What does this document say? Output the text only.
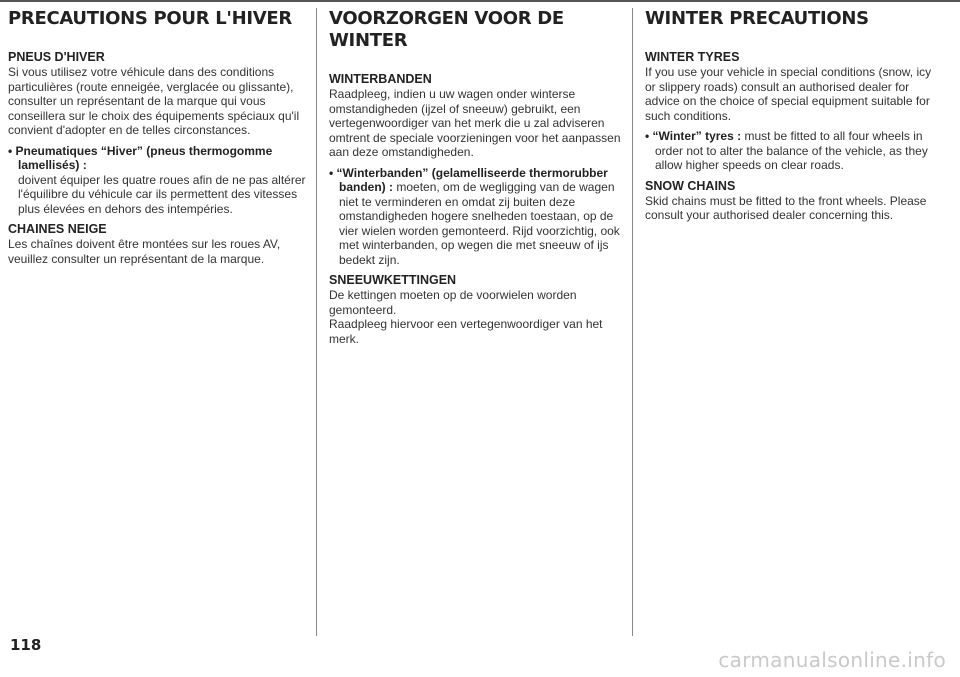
PRECAUTIONS POUR L'HIVER

PNEUS D'HIVER

Si vous utilisez votre véhicule dans des conditions particulières (route enneigée, verglacée ou glissante), consulter un représentant de la marque qui vous conseillera sur le choix des équipements spéciaux qu'il convient d'adopter en de telles circonstances.

• Pneumatiques “Hiver” (pneus thermogomme lamellisés) :
doivent équiper les quatre roues afin de ne pas altérer l'équilibre du véhicule car ils permettent des vitesses plus élevées en dehors des intempéries.

CHAINES NEIGE

Les chaînes doivent être montées sur les roues AV, veuillez consulter un représentant de la marque.

VOORZORGEN VOOR DE WINTER

WINTERBANDEN

Raadpleeg, indien u uw wagen onder winterse omstandigheden (ijzel of sneeuw) gebruikt, een vertegenwoordiger van het merk die u zal adviseren omtrent de speciale voorzieningen voor het aanpassen aan deze omstandigheden.

• “Winterbanden” (gelamelliseerde thermorubber banden) : moeten, om de wegligging van de wagen niet te verminderen en omdat zij buiten deze omstandigheden hogere snelheden toestaan, op de vier wielen worden gemonteerd. Rijd voorzichtig, ook met winterbanden, op wegen die met sneeuw of ijs bedekt zijn.

SNEEUWKETTINGEN

De kettingen moeten op de voorwielen worden gemonteerd.

Raadpleeg hiervoor een vertegenwoordiger van het merk.

WINTER PRECAUTIONS

WINTER TYRES

If you use your vehicle in special conditions (snow, icy or slippery roads) consult an authorised dealer for advice on the choice of special equipment suitable for such conditions.

• “Winter” tyres : must be fitted to all four wheels in order not to alter the balance of the vehicle, as they allow higher speeds on clear roads.

SNOW CHAINS

Skid chains must be fitted to the front wheels. Please consult your authorised dealer concerning this.

118
carmanualsonline.info
